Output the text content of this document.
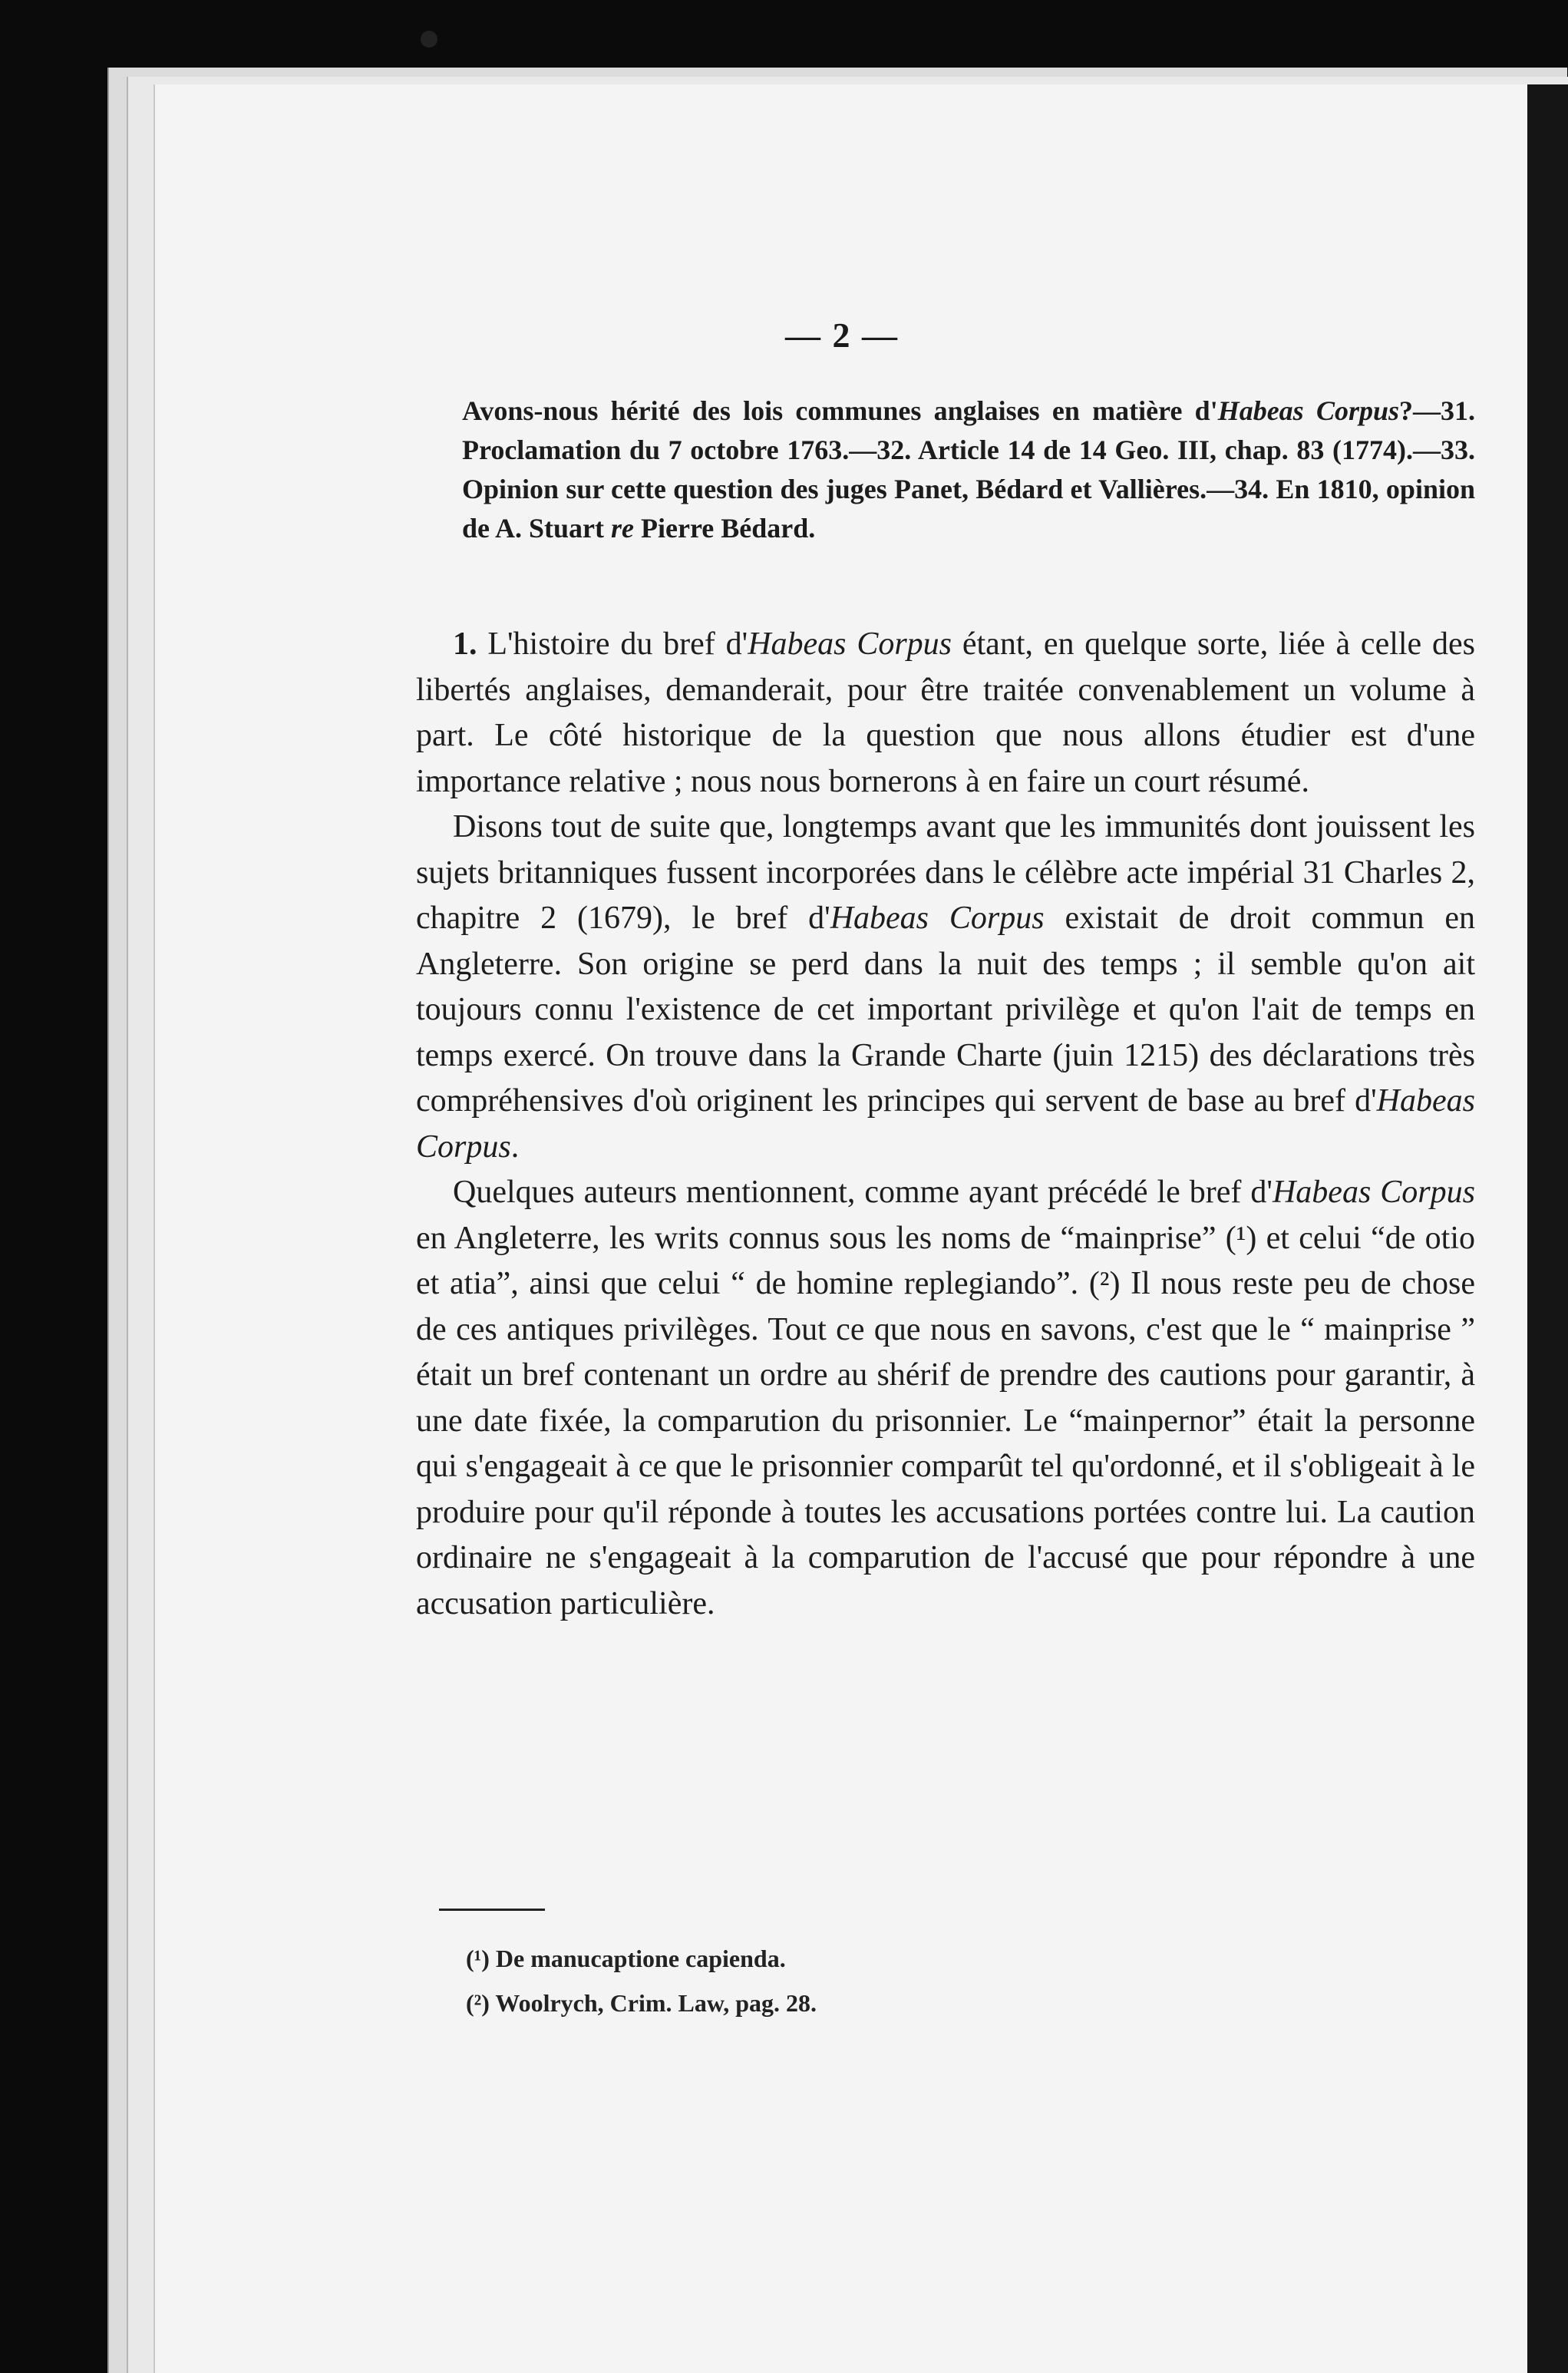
— 2 —
Avons-nous hérité des lois communes anglaises en matière d'Habeas Corpus?—31. Proclamation du 7 octobre 1763.—32. Article 14 de 14 Geo. III, chap. 83 (1774).—33. Opinion sur cette question des juges Panet, Bédard et Vallières.—34. En 1810, opinion de A. Stuart re Pierre Bédard.

1. L'histoire du bref d'Habeas Corpus étant, en quelque sorte, liée à celle des libertés anglaises, demanderait, pour être traitée convenablement un volume à part. Le côté historique de la question que nous allons étudier est d'une importance relative ; nous nous bornerons à en faire un court résumé.

Disons tout de suite que, longtemps avant que les immunités dont jouissent les sujets britanniques fussent incorporées dans le célèbre acte impérial 31 Charles 2, chapitre 2 (1679), le bref d'Habeas Corpus existait de droit commun en Angleterre. Son origine se perd dans la nuit des temps ; il semble qu'on ait toujours connu l'existence de cet important privilège et qu'on l'ait de temps en temps exercé. On trouve dans la Grande Charte (juin 1215) des déclarations très compréhensives d'où originent les principes qui servent de base au bref d'Habeas Corpus.

Quelques auteurs mentionnent, comme ayant précédé le bref d'Habeas Corpus en Angleterre, les writs connus sous les noms de “mainprise” (¹) et celui “de otio et atia”, ainsi que celui “ de homine replegiando”. (²) Il nous reste peu de chose de ces antiques privilèges. Tout ce que nous en savons, c'est que le “ mainprise ” était un bref contenant un ordre au shérif de prendre des cautions pour garantir, à une date fixée, la comparution du prisonnier. Le “mainpernor” était la personne qui s'engageait à ce que le prisonnier comparût tel qu'ordonné, et il s'obligeait à le produire pour qu'il réponde à toutes les accusations portées contre lui. La caution ordinaire ne s'engageait à la comparution de l'accusé que pour répondre à une accusation particulière.

(¹) De manucaptione capienda.

(²) Woolrych, Crim. Law, pag. 28.
